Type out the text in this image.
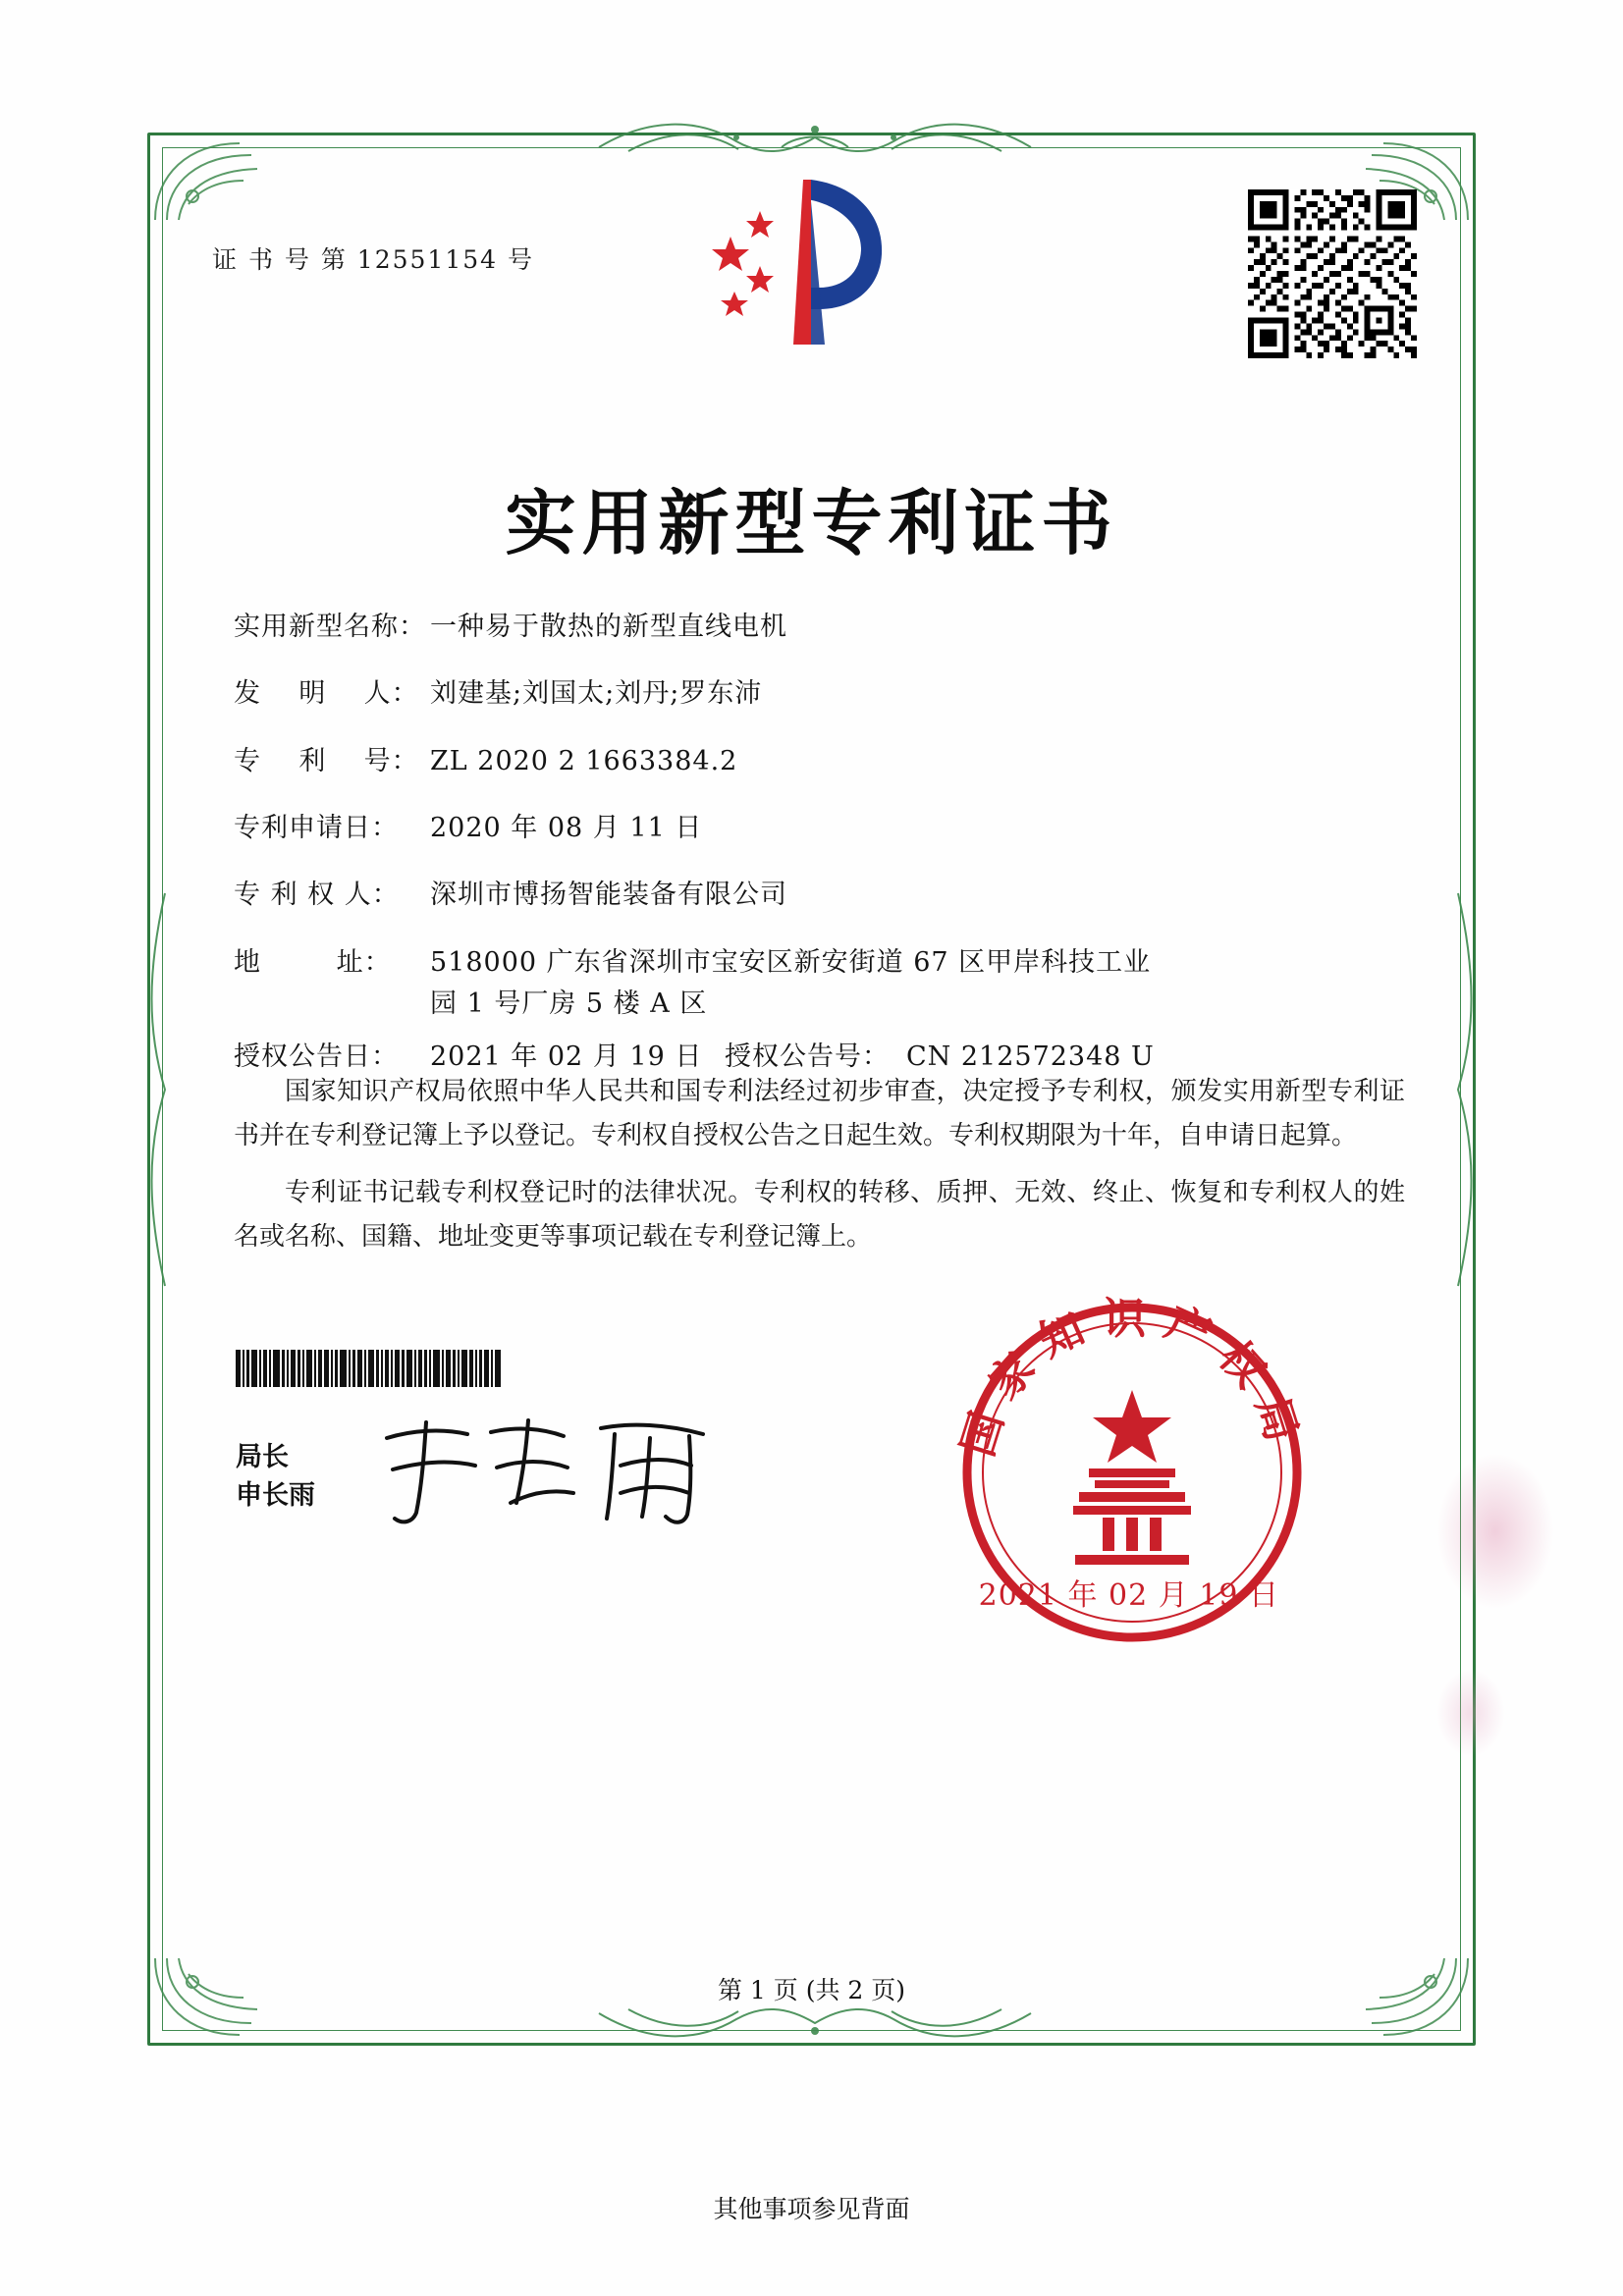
证 书 号 第 12551154 号
实用新型专利证书
实用新型名称： 一种易于散热的新型直线电机
发    明    人： 刘建基;刘国太;刘丹;罗东沛
专    利    号： ZL 2020 2 1663384.2
专利申请日：	2020 年 08 月 11 日
专 利 权 人：	深圳市博扬智能装备有限公司
地        址：	518000 广东省深圳市宝安区新安街道 67 区甲岸科技工业
园 1 号厂房 5 楼 A 区
授权公告日：	2021 年 02 月 19 日 授权公告号： CN 212572348 U

国家知识产权局依照中华人民共和国专利法经过初步审查，决定授予专利权，颁发实用新型专利证书并在专利登记簿上予以登记。专利权自授权公告之日起生效。专利权期限为十年，自申请日起算。

专利证书记载专利权登记时的法律状况。专利权的转移、质押、无效、终止、恢复和专利权人的姓名或名称、国籍、地址变更等事项记载在专利登记簿上。

局长
申长雨
国家知识产权局
2021 年 02 月 19 日
第 1 页 (共 2 页)
其他事项参见背面
